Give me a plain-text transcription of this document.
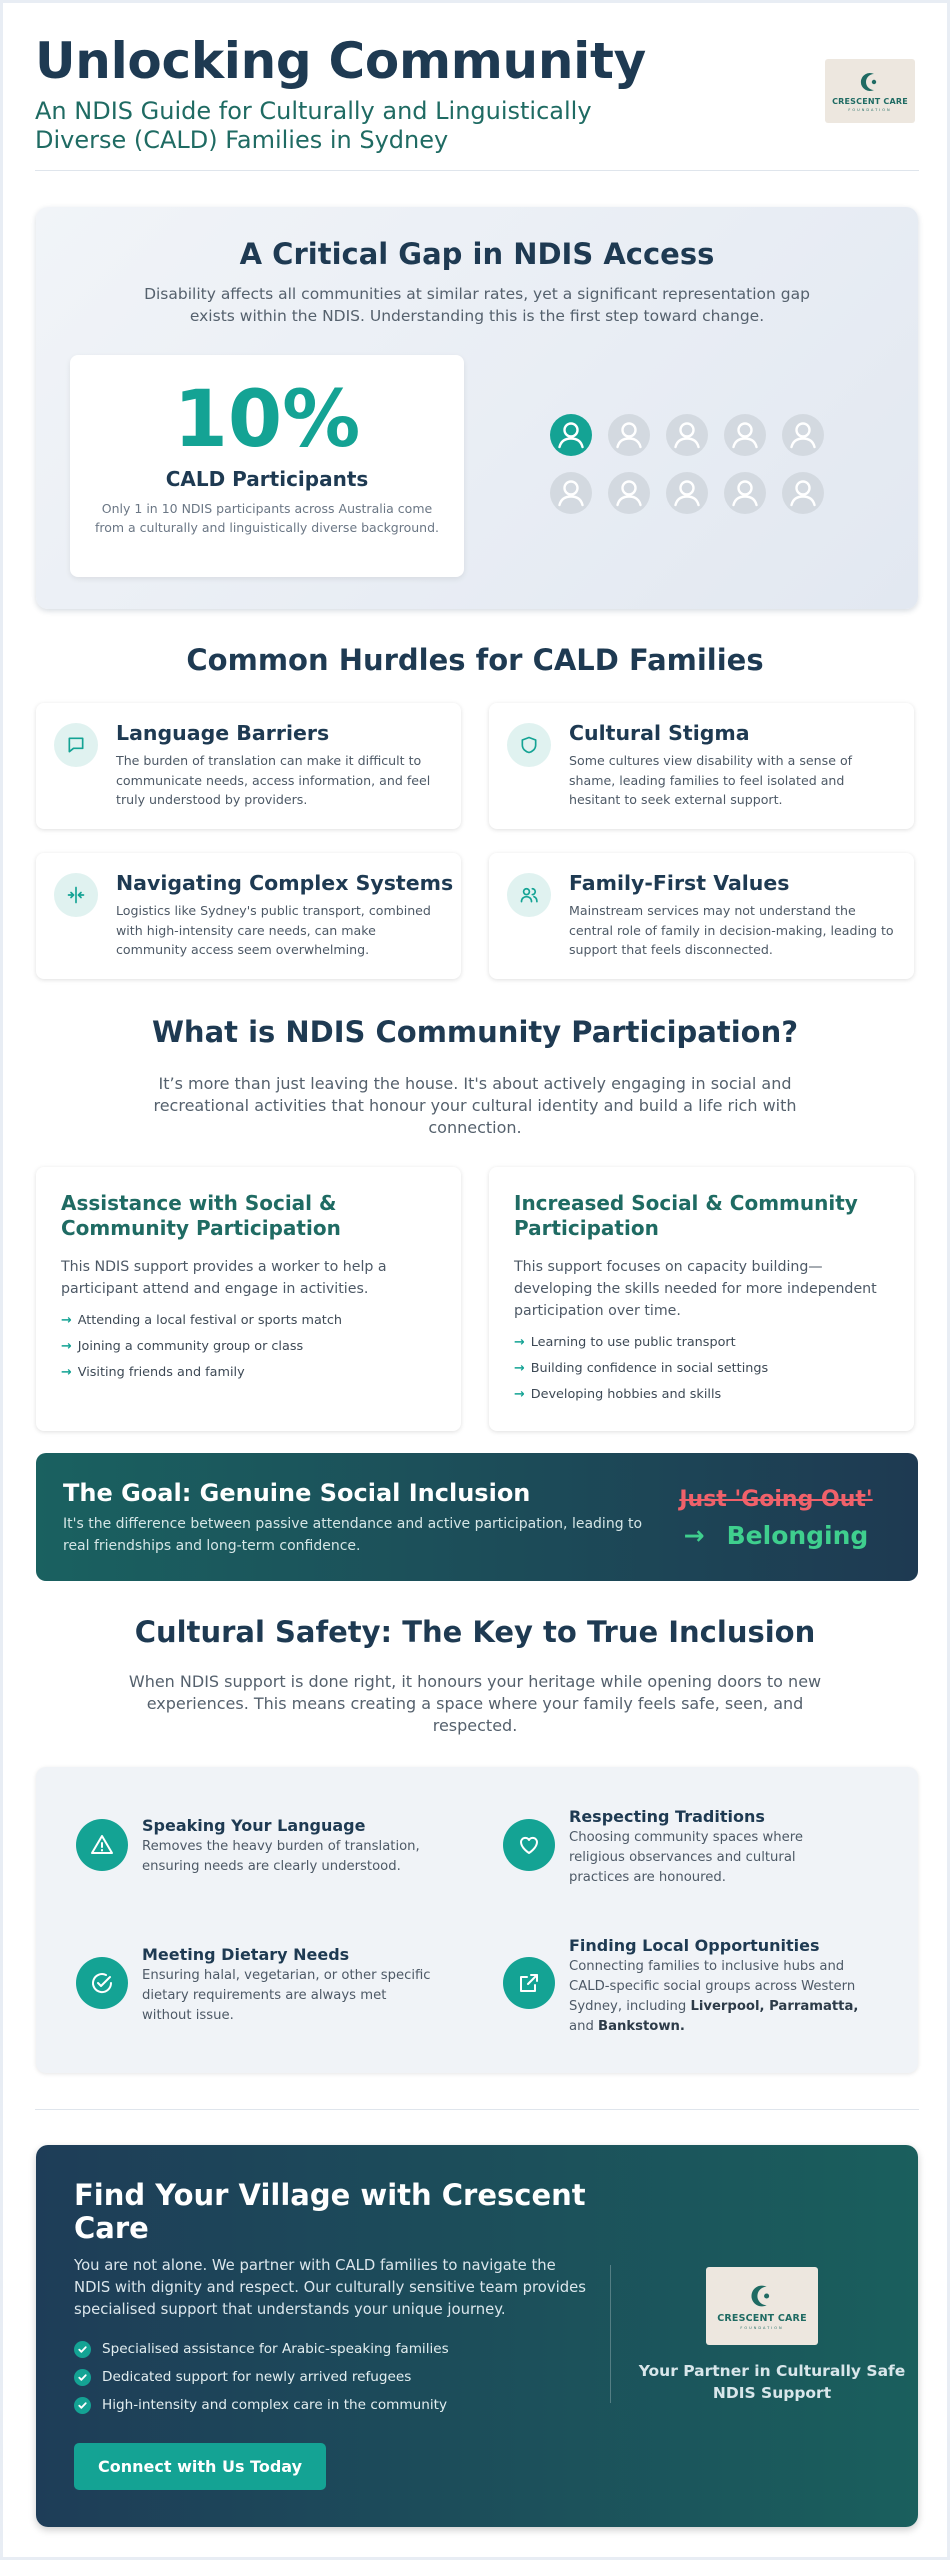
Unlocking Community
An NDIS Guide for Culturally and Linguistically Diverse (CALD) Families in Sydney
CRESCENT CARE
FOUNDATION
A Critical Gap in NDIS Access
Disability affects all communities at similar rates, yet a significant representation gap exists within the NDIS. Understanding this is the first step toward change.
10%
CALD Participants
Only 1 in 10 NDIS participants across Australia come from a culturally and linguistically diverse background.
Common Hurdles for CALD Families
Language Barriers
The burden of translation can make it difficult to communicate needs, access information, and feel truly understood by providers.
Cultural Stigma
Some cultures view disability with a sense of shame, leading families to feel isolated and hesitant to seek external support.
Navigating Complex Systems
Logistics like Sydney's public transport, combined with high-intensity care needs, can make community access seem overwhelming.
Family-First Values
Mainstream services may not understand the central role of family in decision-making, leading to support that feels disconnected.
What is NDIS Community Participation?
It’s more than just leaving the house. It's about actively engaging in social and recreational activities that honour your cultural identity and build a life rich with connection.
Assistance with Social & Community Participation
This NDIS support provides a worker to help a participant attend and engage in activities.
→ Attending a local festival or sports match
→ Joining a community group or class
→ Visiting friends and family
Increased Social & Community Participation
This support focuses on capacity building—developing the skills needed for more independent participation over time.
→ Learning to use public transport
→ Building confidence in social settings
→ Developing hobbies and skills
The Goal: Genuine Social Inclusion
It's the difference between passive attendance and active participation, leading to real friendships and long-term confidence.
Just 'Going Out'
→ Belonging
Cultural Safety: The Key to True Inclusion
When NDIS support is done right, it honours your heritage while opening doors to new experiences. This means creating a space where your family feels safe, seen, and respected.
Speaking Your Language
Removes the heavy burden of translation, ensuring needs are clearly understood.
Respecting Traditions
Choosing community spaces where religious observances and cultural practices are honoured.
Meeting Dietary Needs
Ensuring halal, vegetarian, or other specific dietary requirements are always met without issue.
Finding Local Opportunities
Connecting families to inclusive hubs and CALD-specific social groups across Western Sydney, including Liverpool, Parramatta, and Bankstown.
Find Your Village with Crescent Care
You are not alone. We partner with CALD families to navigate the NDIS with dignity and respect. Our culturally sensitive team provides specialised support that understands your unique journey.
Specialised assistance for Arabic-speaking families
Dedicated support for newly arrived refugees
High-intensity and complex care in the community
Connect with Us Today
CRESCENT CARE
FOUNDATION
Your Partner in Culturally Safe NDIS Support
